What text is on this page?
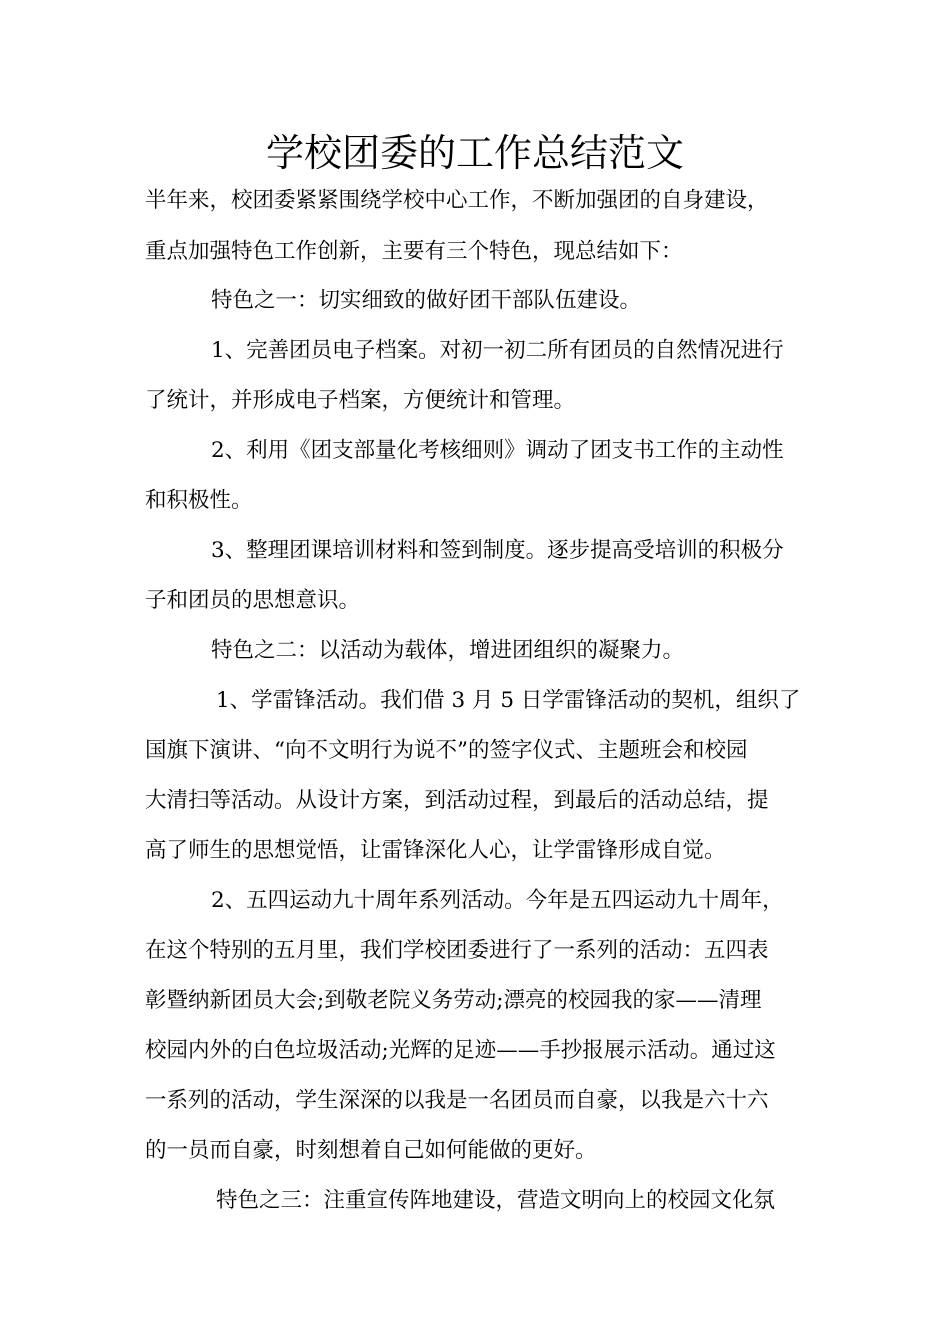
学校团委的工作总结范文
半年来，校团委紧紧围绕学校中心工作，不断加强团的自身建设，
重点加强特色工作创新，主要有三个特色，现总结如下：
特色之一：切实细致的做好团干部队伍建设。
1、完善团员电子档案。对初一初二所有团员的自然情况进行
了统计，并形成电子档案，方便统计和管理。
2、利用《团支部量化考核细则》调动了团支书工作的主动性
和积极性。
3、整理团课培训材料和签到制度。逐步提高受培训的积极分
子和团员的思想意识。
特色之二：以活动为载体，增进团组织的凝聚力。
1、学雷锋活动。我们借 3 月 5 日学雷锋活动的契机，组织了
国旗下演讲、“向不文明行为说不”的签字仪式、主题班会和校园
大清扫等活动。从设计方案，到活动过程，到最后的活动总结，提
高了师生的思想觉悟，让雷锋深化人心，让学雷锋形成自觉。
2、五四运动九十周年系列活动。今年是五四运动九十周年，
在这个特别的五月里，我们学校团委进行了一系列的活动：五四表
彰暨纳新团员大会;到敬老院义务劳动;漂亮的校园我的家——清理
校园内外的白色垃圾活动;光辉的足迹——手抄报展示活动。通过这
一系列的活动，学生深深的以我是一名团员而自豪，以我是六十六
的一员而自豪，时刻想着自己如何能做的更好。
特色之三：注重宣传阵地建设，营造文明向上的校园文化氛
